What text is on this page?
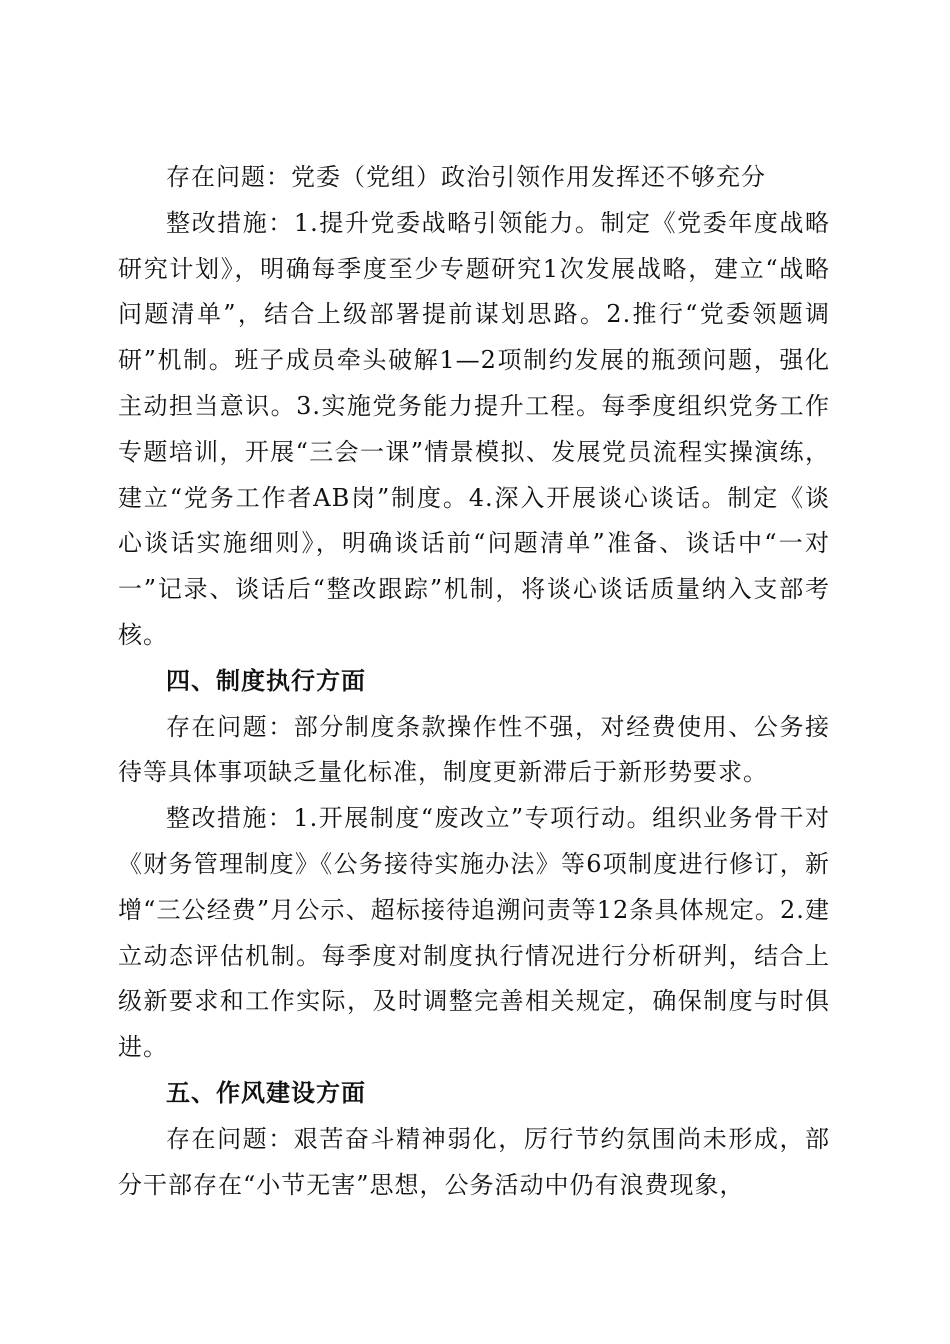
存在问题：党委（党组）政治引领作用发挥还不够充分

整改措施：1.提升党委战略引领能力。制定《党委年度战略研究计划》，明确每季度至少专题研究1次发展战略，建立“战略问题清单”，结合上级部署提前谋划思路。2.推行“党委领题调研”机制。班子成员牵头破解1—2项制约发展的瓶颈问题，强化主动担当意识。3.实施党务能力提升工程。每季度组织党务工作专题培训，开展“三会一课”情景模拟、发展党员流程实操演练，建立“党务工作者AB岗”制度。4.深入开展谈心谈话。制定《谈心谈话实施细则》，明确谈话前“问题清单”准备、谈话中“一对一”记录、谈话后“整改跟踪”机制，将谈心谈话质量纳入支部考核。

四、制度执行方面

存在问题：部分制度条款操作性不强，对经费使用、公务接待等具体事项缺乏量化标准，制度更新滞后于新形势要求。

整改措施：1.开展制度“废改立”专项行动。组织业务骨干对《财务管理制度》《公务接待实施办法》等6项制度进行修订，新增“三公经费”月公示、超标接待追溯问责等12条具体规定。2.建立动态评估机制。每季度对制度执行情况进行分析研判，结合上级新要求和工作实际，及时调整完善相关规定，确保制度与时俱进。

五、作风建设方面

存在问题：艰苦奋斗精神弱化，厉行节约氛围尚未形成，部分干部存在“小节无害”思想，公务活动中仍有浪费现象，
